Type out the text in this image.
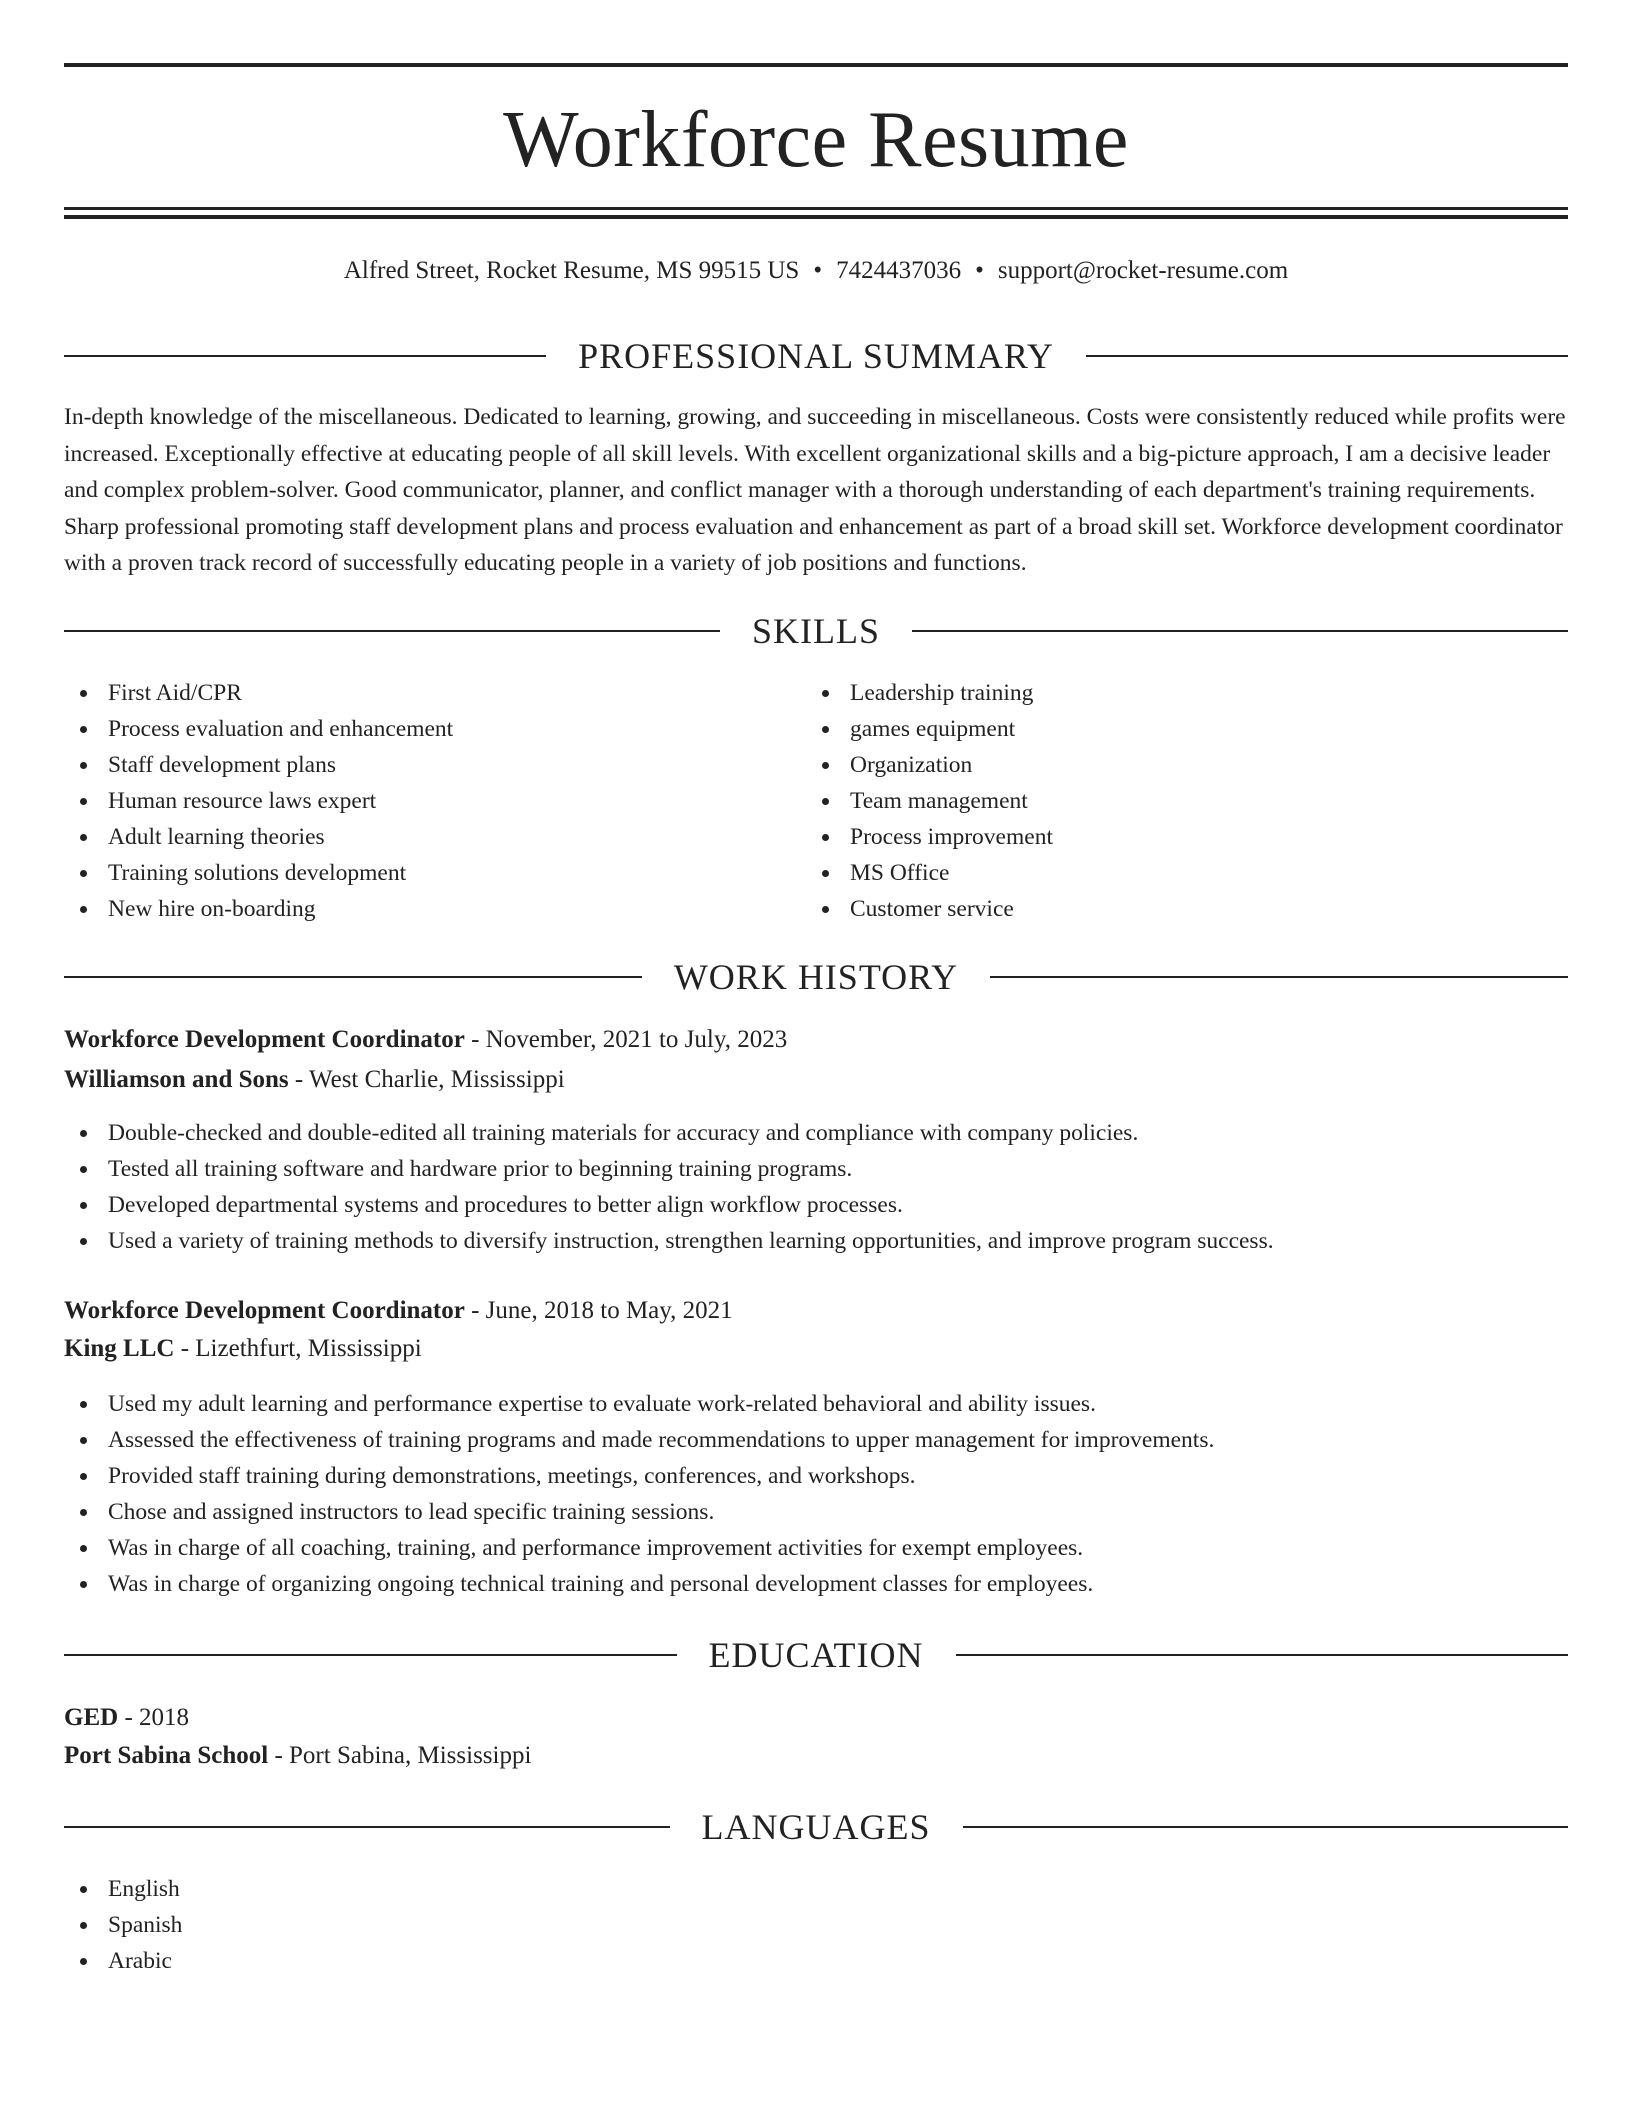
Workforce Resume
Alfred Street, Rocket Resume, MS 99515 US • 7424437036 • support@rocket-resume.com
PROFESSIONAL SUMMARY

In-depth knowledge of the miscellaneous. Dedicated to learning, growing, and succeeding in miscellaneous. Costs were consistently reduced while profits were increased. Exceptionally effective at educating people of all skill levels. With excellent organizational skills and a big-picture approach, I am a decisive leader and complex problem-solver. Good communicator, planner, and conflict manager with a thorough understanding of each department's training requirements. Sharp professional promoting staff development plans and process evaluation and enhancement as part of a broad skill set. Workforce development coordinator with a proven track record of successfully educating people in a variety of job positions and functions.

SKILLS
First Aid/CPR
Process evaluation and enhancement
Staff development plans
Human resource laws expert
Adult learning theories
Training solutions development
New hire on-boarding
Leadership training
games equipment
Organization
Team management
Process improvement
MS Office
Customer service
WORK HISTORY
Workforce Development Coordinator - November, 2021 to July, 2023
Williamson and Sons - West Charlie, Mississippi
Double-checked and double-edited all training materials for accuracy and compliance with company policies.
Tested all training software and hardware prior to beginning training programs.
Developed departmental systems and procedures to better align workflow processes.
Used a variety of training methods to diversify instruction, strengthen learning opportunities, and improve program success.
Workforce Development Coordinator - June, 2018 to May, 2021
King LLC - Lizethfurt, Mississippi
Used my adult learning and performance expertise to evaluate work-related behavioral and ability issues.
Assessed the effectiveness of training programs and made recommendations to upper management for improvements.
Provided staff training during demonstrations, meetings, conferences, and workshops.
Chose and assigned instructors to lead specific training sessions.
Was in charge of all coaching, training, and performance improvement activities for exempt employees.
Was in charge of organizing ongoing technical training and personal development classes for employees.
EDUCATION
GED - 2018
Port Sabina School - Port Sabina, Mississippi
LANGUAGES
English
Spanish
Arabic
